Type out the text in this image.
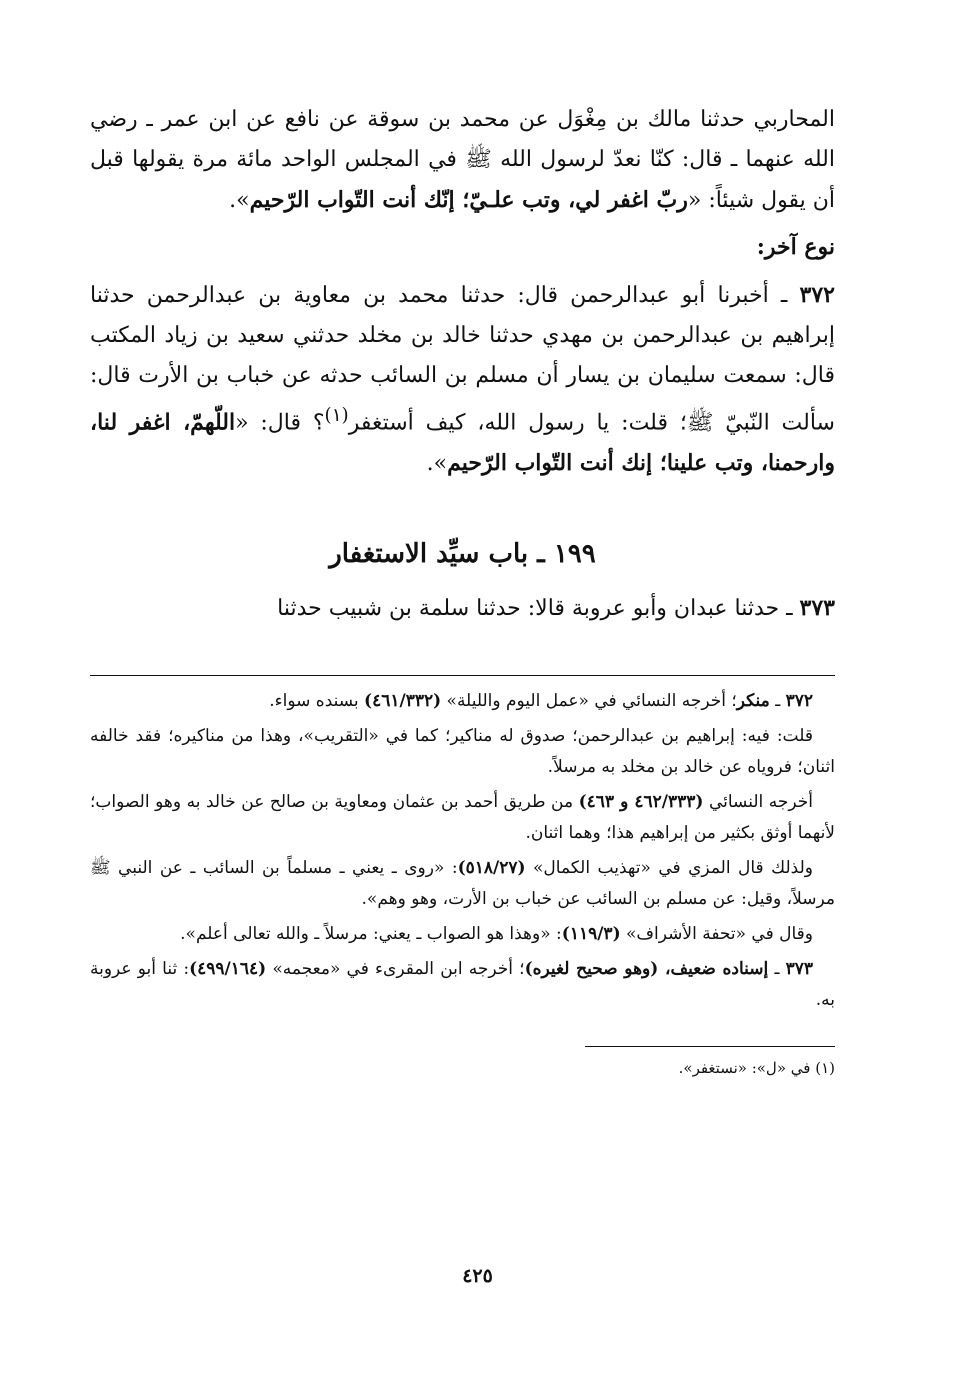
المحاربي حدثنا مالك بن مِغْوَل عن محمد بن سوقة عن نافع عن ابن عمر ـ رضي الله عنهما ـ قال: كنّا نعدّ لرسول الله ﷺ في المجلس الواحد مائة مرة يقولها قبل أن يقول شيئاً: «ربّ اغفر لي، وتب علـيّ؛ إنّك أنت التّواب الرّحيم».

نوع آخر:

٣٧٢ ـ أخبرنا أبو عبدالرحمن قال: حدثنا محمد بن معاوية بن عبدالرحمن حدثنا إبراهيم بن عبدالرحمن بن مهدي حدثنا خالد بن مخلد حدثني سعيد بن زياد المكتب قال: سمعت سليمان بن يسار أن مسلم بن السائب حدثه عن خباب بن الأرت قال: سألت النّبيّ ﷺ؛ قلت: يا رسول الله، كيف أستغفر$^{(١)}$؟ قال: «اللّهمّ، اغفر لنا، وارحمنا، وتب علينا؛ إنك أنت التّواب الرّحيم».

١٩٩ ـ باب سيِّد الاستغفار

٣٧٣ ـ حدثنا عبدان وأبو عروبة قالا: حدثنا سلمة بن شبيب حدثنا

٣٧٢ ـ منكر؛ أخرجه النسائي في «عمل اليوم والليلة» (٤٦١/٣٣٢) بسنده سواء.

قلت: فيه: إبراهيم بن عبدالرحمن؛ صدوق له مناكير؛ كما في «التقريب»، وهذا من مناكيره؛ فقد خالفه اثنان؛ فروياه عن خالد بن مخلد به مرسلاً.

أخرجه النسائي (٤٦٢/٣٣٣ و ٤٦٣) من طريق أحمد بن عثمان ومعاوية بن صالح عن خالد به وهو الصواب؛ لأنهما أوثق بكثير من إبراهيم هذا؛ وهما اثنان.

ولذلك قال المزي في «تهذيب الكمال» (٥١٨/٢٧): «روى ـ يعني ـ مسلماً بن السائب ـ عن النبي ﷺ مرسلاً، وقيل: عن مسلم بن السائب عن خباب بن الأرت، وهو وهم».

وقال في «تحفة الأشراف» (١١٩/٣): «وهذا هو الصواب ـ يعني: مرسلاً ـ والله تعالى أعلم».

٣٧٣ ـ إسناده ضعيف، (وهو صحيح لغيره)؛ أخرجه ابن المقرىء في «معجمه» (٤٩٩/١٦٤): ثنا أبو عروبة به.

(١) في «ل»: «نستغفر».

٤٢٥
